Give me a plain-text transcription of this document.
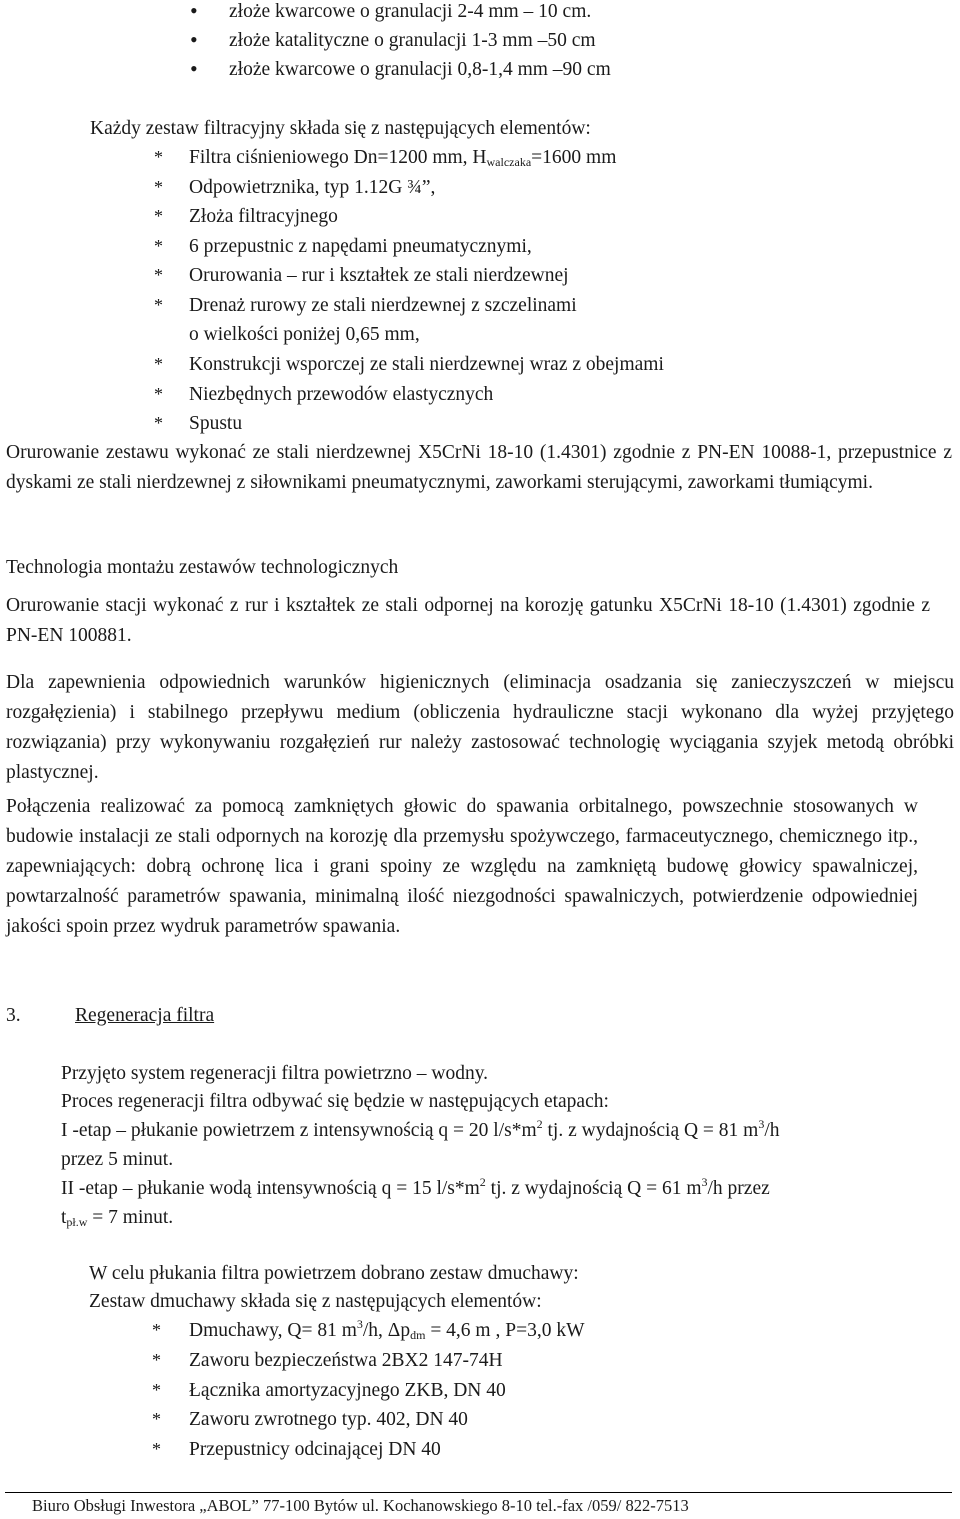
• złoże kwarcowe o granulacji 2-4 mm – 10 cm.
• złoże katalityczne o granulacji 1-3 mm –50 cm
• złoże kwarcowe o granulacji 0,8-1,4 mm –90 cm
Każdy zestaw filtracyjny składa się z następujących elementów:
* Filtra ciśnieniowego Dn=1200 mm, $H_{walczaka}=1600$ mm
* Odpowietrznika, typ 1.12G ¾”,
* Złoża filtracyjnego
* 6 przepustnic z napędami pneumatycznymi,
* Orurowania – rur i kształtek ze stali nierdzewnej
* Drenaż rurowy ze stali nierdzewnej z szczelinami
o wielkości poniżej 0,65 mm,
* Konstrukcji wsporczej ze stali nierdzewnej wraz z obejmami
* Niezbędnych przewodów elastycznych
* Spustu
Orurowanie zestawu wykonać ze stali nierdzewnej X5CrNi 18-10 (1.4301) zgodnie z PN-EN 10088-1, przepustnice z dyskami ze stali nierdzewnej z siłownikami pneumatycznymi, zaworkami sterującymi, zaworkami tłumiącymi.
Technologia montażu zestawów technologicznych
Orurowanie stacji wykonać z rur i kształtek ze stali odpornej na korozję gatunku X5CrNi 18-10 (1.4301) zgodnie z PN-EN 100881.
Dla zapewnienia odpowiednich warunków higienicznych (eliminacja osadzania się zanieczyszczeń w miejscu rozgałęzienia) i stabilnego przepływu medium (obliczenia hydrauliczne stacji wykonano dla wyżej przyjętego rozwiązania) przy wykonywaniu rozgałęzień rur należy zastosować technologię wyciągania szyjek metodą obróbki plastycznej.
Połączenia realizować za pomocą zamkniętych głowic do spawania orbitalnego, powszechnie stosowanych w budowie instalacji ze stali odpornych na korozję dla przemysłu spożywczego, farmaceutycznego, chemicznego itp., zapewniających: dobrą ochronę lica i grani spoiny ze względu na zamkniętą budowę głowicy spawalniczej, powtarzalność parametrów spawania, minimalną ilość niezgodności spawalniczych, potwierdzenie odpowiedniej jakości spoin przez wydruk parametrów spawania.
3.	Regeneracja filtra
Przyjęto system regeneracji filtra powietrzno – wodny.
Proces regeneracji filtra odbywać się będzie w następujących etapach:
I -etap – płukanie powietrzem z intensywnością q = 20 $l/s*m^2$ tj. z wydajnością Q = 81 $m^3/h$
przez 5 minut.
II -etap – płukanie wodą intensywnością q = 15 $l/s*m^2$ tj. z wydajnością Q = 61 $m^3/h$ przez
$t_{pł.w} = 7$ minut.
W celu płukania filtra powietrzem dobrano zestaw dmuchawy:
Zestaw dmuchawy składa się z następujących elementów:
* Dmuchawy, Q= 81 $m^3/h$, $\Delta p_{dm} = 4,6$ m , P=3,0 kW
* Zaworu bezpieczeństwa 2BX2 147-74H
* Łącznika amortyzacyjnego ZKB, DN 40
* Zaworu zwrotnego typ. 402, DN 40
* Przepustnicy odcinającej DN 40
Biuro Obsługi Inwestora „ABOL” 77-100 Bytów ul. Kochanowskiego 8-10 tel.-fax /059/ 822-7513
